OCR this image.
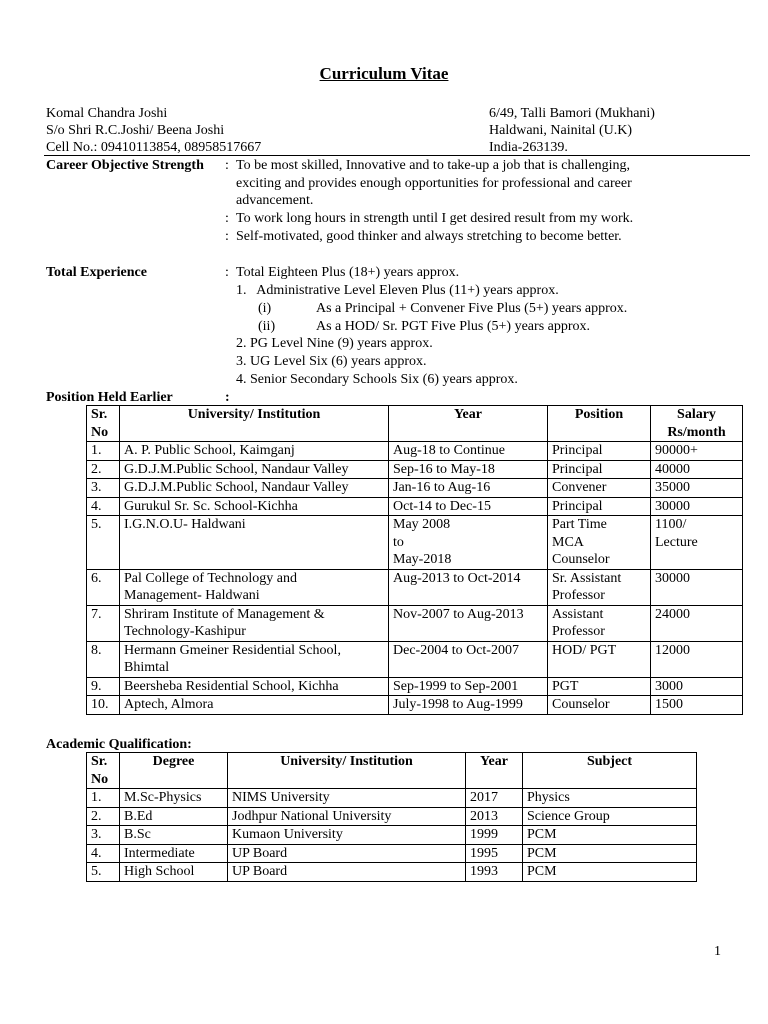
Curriculum Vitae
Komal Chandra Joshi
S/o Shri R.C.Joshi/ Beena Joshi
Cell No.: 09410113854, 08958517667
6/49, Talli Bamori (Mukhani)
Haldwani, Nainital (U.K)
India-263139.
Career Objective Strength : To be most skilled, Innovative and to take-up a job that is challenging,
exciting and provides enough opportunities for professional and career
advancement.
: To work long hours in strength until I get desired result from my work.
: Self-motivated, good thinker and always stretching to become better.
Total Experience	: Total Eighteen Plus (18+) years approx.
1.   Administrative Level Eleven Plus (11+) years approx.
(i)	As a Principal + Convener Five Plus (5+) years approx.
(ii)	As a HOD/ Sr. PGT Five Plus (5+) years approx.
2. PG Level Nine (9) years approx.
3. UG Level Six (6) years approx.
4. Senior Secondary Schools Six (6) years approx.
Position Held Earlier	:
Sr.
No	University/ Institution	Year	Position	Salary
Rs/month
1.	A. P. Public School, Kaimganj	Aug-18 to Continue	Principal	90000+
2.	G.D.J.M.Public School, Nandaur Valley	Sep-16 to May-18	Principal	40000
3.	G.D.J.M.Public School, Nandaur Valley	Jan-16 to Aug-16	Convener	35000
4.	Gurukul Sr. Sc. School-Kichha	Oct-14 to Dec-15	Principal	30000
5.	I.G.N.O.U- Haldwani	May 2008
to
May-2018	Part Time
MCA
Counselor	1100/
Lecture
6.	Pal College of Technology and
Management- Haldwani	Aug-2013 to Oct-2014	Sr. Assistant
Professor	30000
7.	Shriram Institute of Management &
Technology-Kashipur	Nov-2007 to Aug-2013	Assistant
Professor	24000
8.	Hermann Gmeiner Residential School,
Bhimtal	Dec-2004 to Oct-2007	HOD/ PGT	12000
9.	Beersheba Residential School, Kichha	Sep-1999 to Sep-2001	PGT	3000
10.	Aptech, Almora	July-1998 to Aug-1999	Counselor	1500
Academic Qualification:
Sr.
No	Degree	University/ Institution	Year	Subject
1.	M.Sc-Physics	NIMS University	2017	Physics
2.	B.Ed	Jodhpur National University	2013	Science Group
3.	B.Sc	Kumaon University	1999	PCM
4.	Intermediate	UP Board	1995	PCM
5.	High School	UP Board	1993	PCM
1
